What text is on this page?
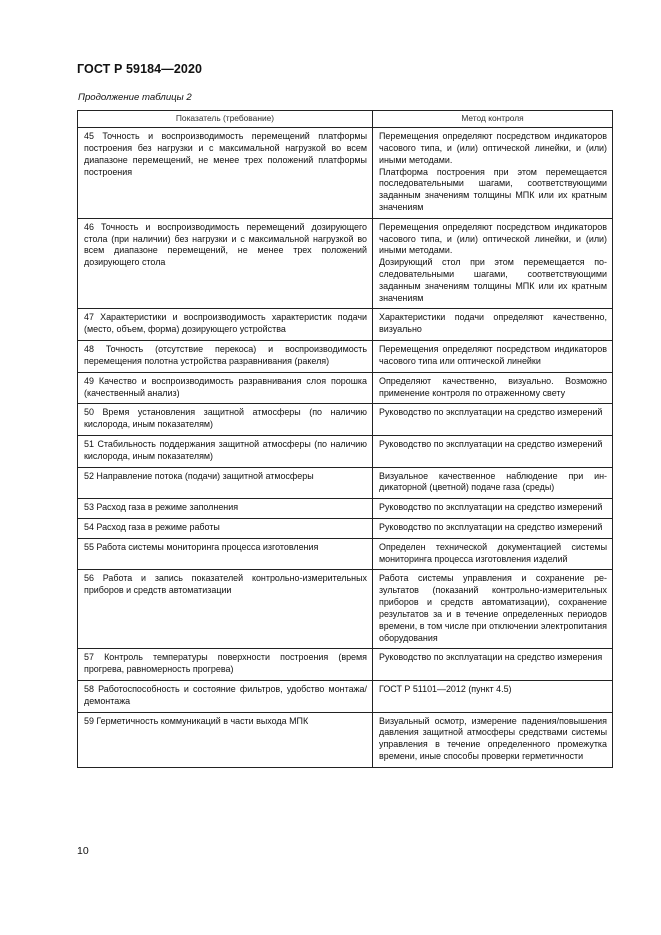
ГОСТ Р 59184—2020
Продолжение таблицы 2
Показатель (требование)	Метод контроля

45 Точность и воспроизводимость перемещений платформы построения без нагрузки и с максимальной нагрузкой во всем диапазоне перемещений, не менее трех положений платформы построения	Перемещения определяют посредством индикаторов часового типа, и (или) оптической линейки, и (или) иными методами.
Платформа построения при этом перемещается последовательными шагами, соответствующими заданным значениям толщины МПК или их кратным значениям

46 Точность и воспроизводимость перемещений дозирующего стола (при наличии) без нагрузки и с максимальной нагрузкой во всем диапазоне перемещений, не менее трех положений дозирующего стола	Перемещения определяют посредством индикаторов часового типа, и (или) оптической линейки, и (или) иными методами.
Дозирующий стол при этом перемещается последовательными шагами, соответствующими заданным значениям толщины МПК или их кратным значениям

47 Характеристики и воспроизводимость характеристик подачи (место, объем, форма) дозирующего устройства	Характеристики подачи определяют качественно, визуально

48 Точность (отсутствие перекоса) и воспроизводимость перемещения полотна устройства разравнивания (ракеля)	Перемещения определяют посредством индикаторов часового типа или оптической линейки

49 Качество и воспроизводимость разравнивания слоя порошка (качественный анализ)	Определяют качественно, визуально. Возможно применение контроля по отраженному свету

50 Время установления защитной атмосферы (по наличию кислорода, иным показателям)	Руководство по эксплуатации на средство измерений

51 Стабильность поддержания защитной атмосферы (по наличию кислорода, иным показателям)	Руководство по эксплуатации на средство измерений

52 Направление потока (подачи) защитной атмосферы	Визуальное качественное наблюдение при индикаторной (цветной) подаче газа (среды)

53 Расход газа в режиме заполнения	Руководство по эксплуатации на средство измерений

54 Расход газа в режиме работы	Руководство по эксплуатации на средство измерений

55 Работа системы мониторинга процесса изготовления	Определен технической документацией системы мониторинга процесса изготовления изделий

56 Работа и запись показателей контрольно-измерительных приборов и средств автоматизации	Работа системы управления и сохранение результатов (показаний контрольно-измерительных приборов и средств автоматизации), сохранение результатов за и в течение определенных периодов времени, в том числе при отключении электропитания оборудования

57 Контроль температуры поверхности построения (время прогрева, равномерность прогрева)	Руководство по эксплуатации на средство измерения

58 Работоспособность и состояние фильтров, удобство монтажа/демонтажа	ГОСТ Р 51101—2012 (пункт 4.5)

59 Герметичность коммуникаций в части выхода МПК	Визуальный осмотр, измерение падения/повышения давления защитной атмосферы средствами системы управления в течение определенного промежутка времени, иные способы проверки герметичности
10
